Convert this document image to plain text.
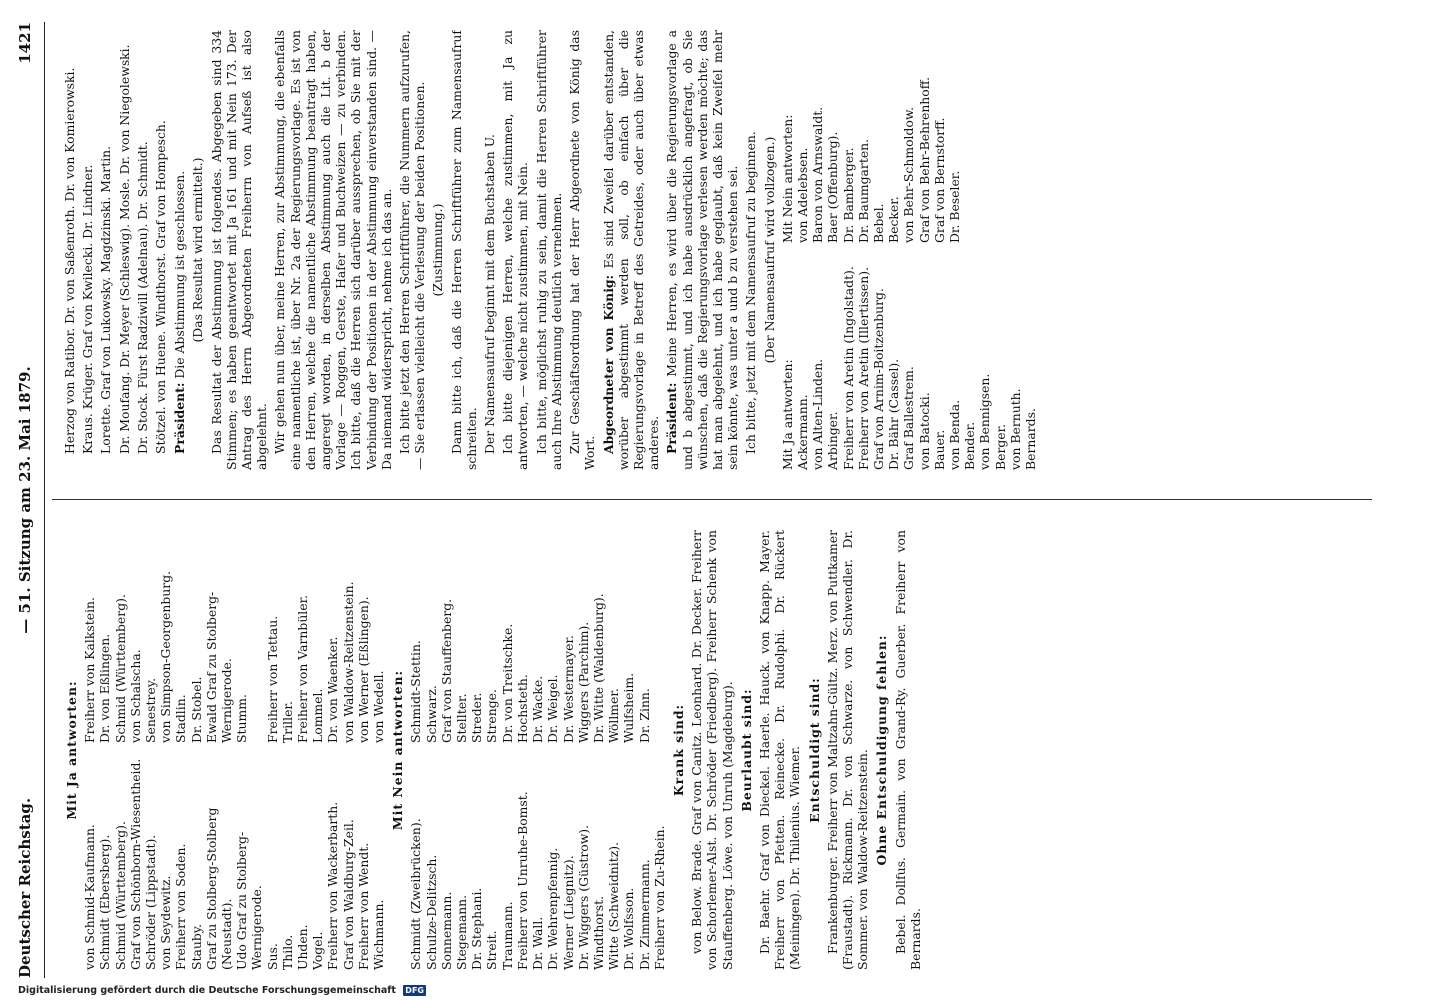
Deutscher Reichstag.
— 51. Sitzung am 23. Mai 1879.
1421
Mit Ja antworten:
von Schmid-Kaufmann.
Freiherr von Kalkstein.
Schmidt (Ebersberg).
Dr. von Eßlingen.
Schmid (Württemberg).
Schmid (Württemberg).
Graf von Schönborn-Wiesentheid.
von Schalscha.
Schröder (Lippstadt).
Senestrey.
von Seydewitz.
von Simpson-Georgenburg.
Freiherr von Soden.
Stadlin.
Stauby.
Dr. Stobel.
Graf zu Stolberg-Stolberg (Neustadt).
Ewald Graf zu Stolberg-Wernigerode.
Udo Graf zu Stolberg-Wernigerode.
Stumm.
Sus.
Freiherr von Tettau.
Thilo.
Triller.
Uhden.
Freiherr von Varnbüler.
Vogel.
Lommel.
Freiherr von Wackerbarth.
Dr. von Waenker.
Graf von Waldburg-Zeil.
von Waldow-Reitzenstein.
Freiherr von Wendt.
von Werner (Eßlingen).
Wichmann.
von Wedell. Mit Nein antworten:
Schmidt (Zweibrücken).
Schmidt-Stettin.
Schulze-Delitzsch.
Schwarz.
Sonnemann.
Graf von Stauffenberg.
Stegemann.
Stellter.
Dr. Stephani.
Streder.
Streit.
Strenge.
Traumann.
Dr. von Treitschke.
Freiherr von Unruhe-Bomst.
Hochsteth.
Dr. Wall.
Dr. Wacke.
Dr. Wehrenpfennig.
Dr. Weigel.
Werner (Liegnitz).
Dr. Westermayer.
Dr. Wiggers (Güstrow).
Wiggers (Parchim).
Windthorst.
Dr. Witte (Waldenburg).
Witte (Schweidnitz).
Wöllmer.
Dr. Wolfsson.
Wulfsheim.
Dr. Zimmermann.
Dr. Zinn.
Freiherr von Zu-Rhein.
Krank sind: von Below. Brade. Graf von Canitz. Leonhard. Dr. Decker. Freiherr von Schorlemer-Alst. Dr. Schröder (Friedberg). Freiherr Schenk von Stauffenberg. Löwe. von Unruh (Magdeburg). Beurlaubt sind: Dr. Baehr. Graf von Dieckel. Haerle. Hauck. von Knapp. Mayer. Freiherr von Pfetten. Reinecke. Dr. Rudolphi. Dr. Rückert (Meiningen). Dr. Thilenius. Wiemer. Entschuldigt sind: Frankenburger. Freiherr von Maltzahn-Gültz. Merz. von Puttkamer (Fraustadt). Rickmann. Dr. von Schwarze. von Schwendler. Dr. Sommer. von Waldow-Reitzenstein. Ohne Entschuldigung fehlen: Bebel. Dollfus. Germain. von Grand-Ry. Guerber. Freiherr von Bernards.
Herzog von Ratibor. Dr. von Saßenroth. Dr. von Komierowski. Kraus. Krüger. Graf von Kwilecki. Dr. Lindner. Lorette. Graf von Lukowsky. Magdzinski. Martin. Dr. Moufang. Dr. Meyer (Schleswig). Mosle. Dr. von Niegolewski. Dr. Stock. Fürst Radziwill (Adelnau). Dr. Schmidt. Stötzel. von Huene. Windthorst. Graf von Hompesch. Präsident: Die Abstimmung ist geschlossen. (Das Resultat wird ermittelt.) Das Resultat der Abstimmung ist folgendes. Abgegeben sind 334 Stimmen; es haben geantwortet mit Ja 161 und mit Nein 173. Der Antrag des Herrn Abgeordneten Freiherrn von Aufseß ist also abgelehnt. Wir gehen nun über, meine Herren, zur Abstimmung, die ebenfalls eine namentliche ist, über Nr. 2a der Regierungsvorlage. Es ist von den Herren, welche die namentliche Abstimmung beantragt haben, angeregt worden, in derselben Abstimmung auch die Lit. b der Vorlage — Roggen, Gerste, Hafer und Buchweizen — zu verbinden. Ich bitte, daß die Herren sich darüber aussprechen, ob Sie mit der Verbindung der Positionen in der Abstimmung einverstanden sind. — Da niemand widerspricht, nehme ich das an. Ich bitte jetzt den Herren Schriftführer, die Nummern aufzurufen, — Sie erlassen vielleicht die Verlesung der beiden Positionen. (Zustimmung.) Dann bitte ich, daß die Herren Schriftführer zum Namensaufruf schreiten. Der Namensaufruf beginnt mit dem Buchstaben U. Ich bitte diejenigen Herren, welche zustimmen, mit Ja zu antworten, — welche nicht zustimmen, mit Nein. Ich bitte, möglichst ruhig zu sein, damit die Herren Schriftführer auch Ihre Abstimmung deutlich vernehmen. Zur Geschäftsordnung hat der Herr Abgeordnete von König das Wort. Abgeordneter von König: Es sind Zweifel darüber entstanden, worüber abgestimmt werden soll, ob einfach über die Regierungsvorlage in Betreff des Getreides, oder auch über etwas anderes. Präsident: Meine Herren, es wird über die Regierungsvorlage a und b abgestimmt, und ich habe ausdrücklich angefragt, ob Sie wünschen, daß die Regierungsvorlage verlesen werden möchte; das hat man abgelehnt, und ich habe geglaubt, daß kein Zweifel mehr sein könnte, was unter a und b zu verstehen sei. Ich bitte, jetzt mit dem Namensaufruf zu beginnen. (Der Namensaufruf wird vollzogen.)
Mit Ja antworten: Ackermann. von Alten-Linden. Arbinger. Freiherr von Aretin (Ingolstadt). Freiherr von Aretin (Illertissen). Graf von Arnim-Boitzenburg. Dr. Bähr (Cassel). Graf Ballestrem. von Batocki. Bauer. von Benda. Bender. von Bennigsen. Berger. von Bernuth. Bernards.
Mit Nein antworten: von Adelebsen. Baron von Arnswaldt. Baer (Offenburg). Dr. Bamberger. Dr. Baumgarten. Bebel. Becker. von Behr-Schmoldow. Graf von Behr-Behrenhoff. Graf von Bernstorff. Dr. Beseler.
Digitalisierung gefördert durch die Deutsche Forschungsgemeinschaft DFG
